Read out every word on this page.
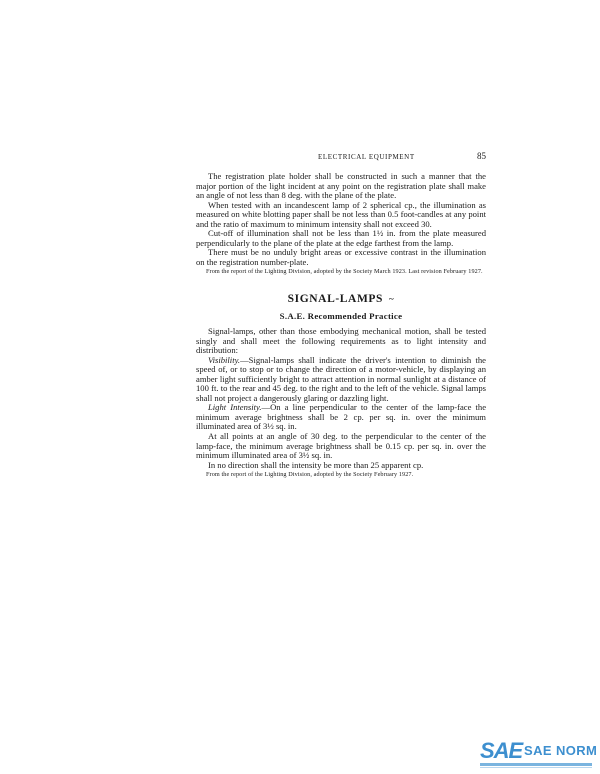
ELECTRICAL EQUIPMENT	85

The registration plate holder shall be constructed in such a manner that the major portion of the light incident at any point on the registration plate shall make an angle of not less than 8 deg. with the plane of the plate.

When tested with an incandescent lamp of 2 spherical cp., the illumination as measured on white blotting paper shall be not less than 0.5 foot-candles at any point and the ratio of maximum to minimum intensity shall not exceed 30.

Cut-off of illumination shall not be less than 1½ in. from the plate measured perpendicularly to the plane of the plate at the edge farthest from the lamp.

There must be no unduly bright areas or excessive contrast in the illumination on the registration number-plate.

From the report of the Lighting Division, adopted by the Society March 1923. Last revision February 1927.

SIGNAL-LAMPS ~
S.A.E. Recommended Practice

Signal-lamps, other than those embodying mechanical motion, shall be tested singly and shall meet the following requirements as to light intensity and distribution:

Visibility.—Signal-lamps shall indicate the driver's intention to diminish the speed of, or to stop or to change the direction of a motor-vehicle, by displaying an amber light sufficiently bright to attract attention in normal sunlight at a distance of 100 ft. to the rear and 45 deg. to the right and to the left of the vehicle. Signal lamps shall not project a dangerously glaring or dazzling light.

Light Intensity.—On a line perpendicular to the center of the lamp-face the minimum average brightness shall be 2 cp. per sq. in. over the minimum illuminated area of 3½ sq. in.

At all points at an angle of 30 deg. to the perpendicular to the center of the lamp-face, the minimum average brightness shall be 0.15 cp. per sq. in. over the minimum illuminated area of 3½ sq. in.

In no direction shall the intensity be more than 25 apparent cp.

From the report of the Lighting Division, adopted by the Society February 1927.

SAE SAE NORM
